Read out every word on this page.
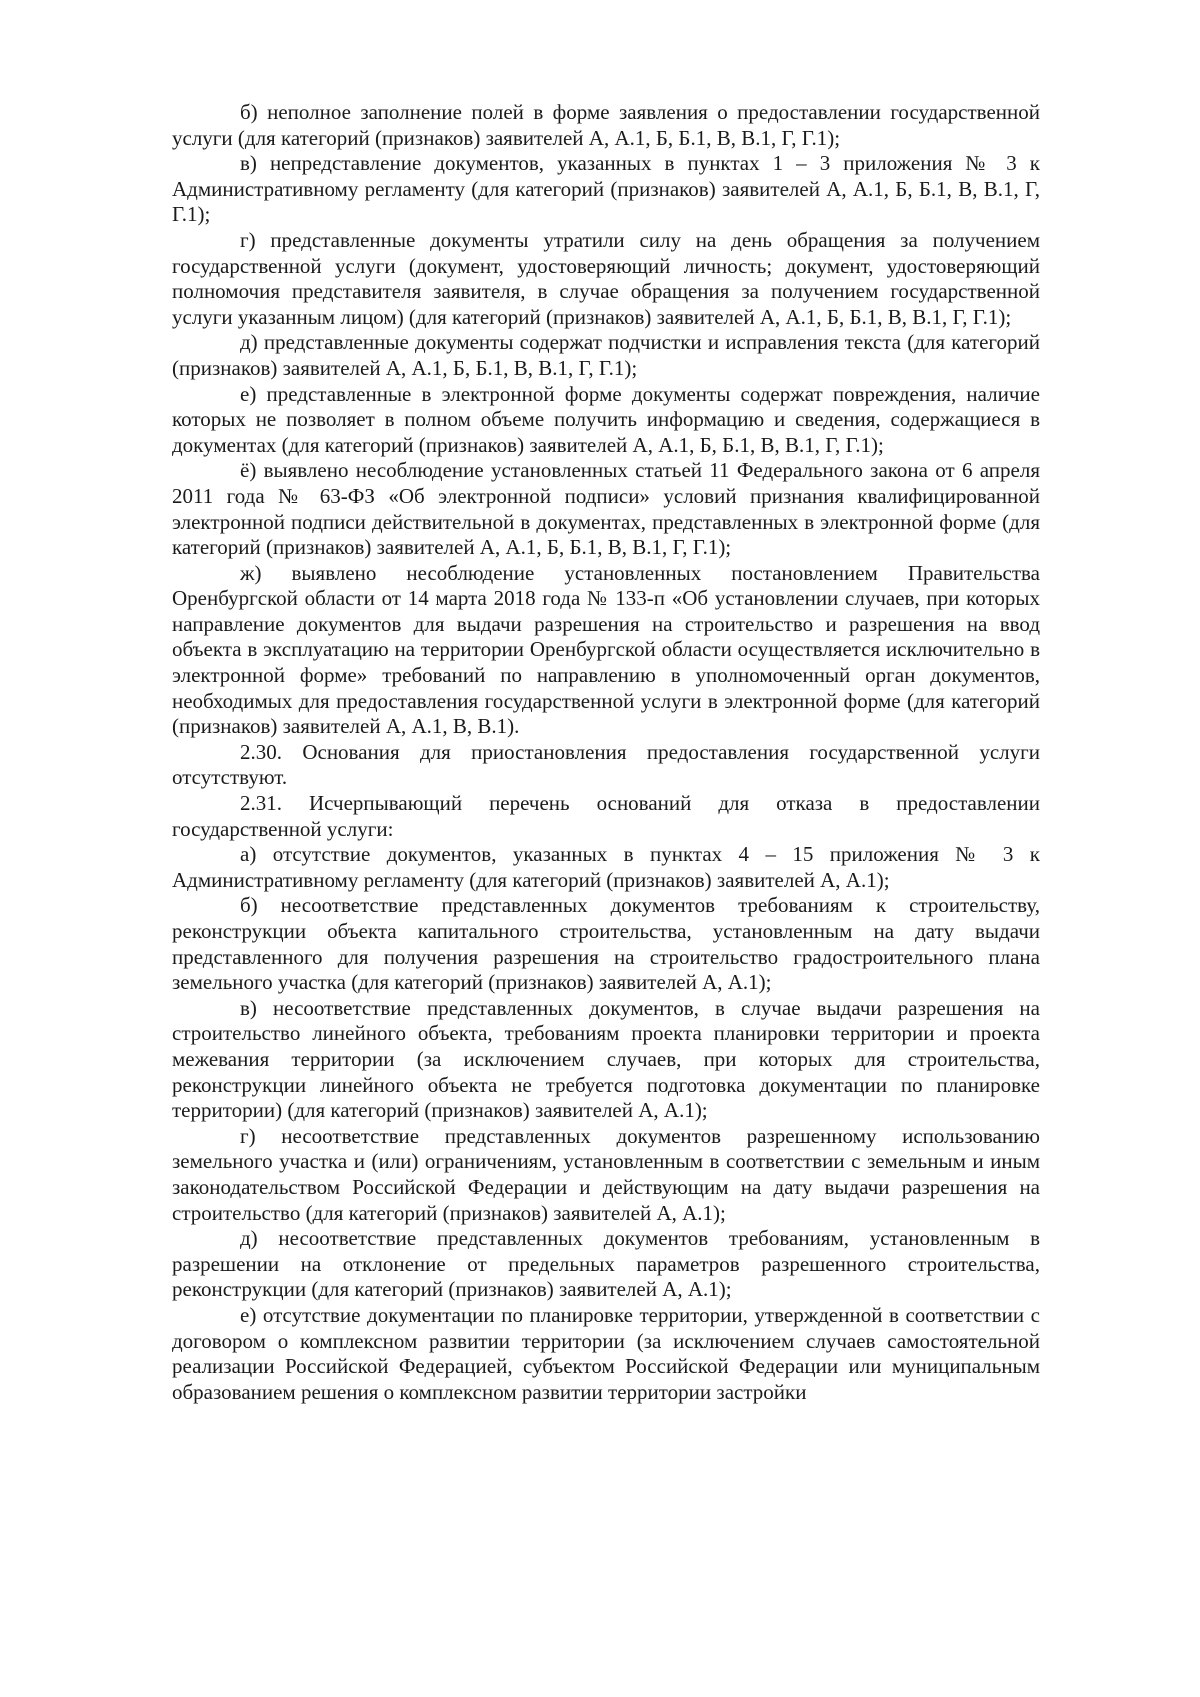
б) неполное заполнение полей в форме заявления о предоставлении государственной услуги (для категорий (признаков) заявителей А, А.1, Б, Б.1, В, В.1, Г, Г.1);

в) непредставление документов, указанных в пунктах 1 – 3 приложения № 3 к Административному регламенту (для категорий (признаков) заявителей А, А.1, Б, Б.1, В, В.1, Г, Г.1);

г) представленные документы утратили силу на день обращения за получением государственной услуги (документ, удостоверяющий личность; документ, удостоверяющий полномочия представителя заявителя, в случае обращения за получением государственной услуги указанным лицом) (для категорий (признаков) заявителей А, А.1, Б, Б.1, В, В.1, Г, Г.1);

д) представленные документы содержат подчистки и исправления текста (для категорий (признаков) заявителей А, А.1, Б, Б.1, В, В.1, Г, Г.1);

е) представленные в электронной форме документы содержат повреждения, наличие которых не позволяет в полном объеме получить информацию и сведения, содержащиеся в документах (для категорий (признаков) заявителей А, А.1, Б, Б.1, В, В.1, Г, Г.1);

ё) выявлено несоблюдение установленных статьей 11 Федерального закона от 6 апреля 2011 года № 63-ФЗ «Об электронной подписи» условий признания квалифицированной электронной подписи действительной в документах, представленных в электронной форме (для категорий (признаков) заявителей А, А.1, Б, Б.1, В, В.1, Г, Г.1);

ж) выявлено несоблюдение установленных постановлением Правительства Оренбургской области от 14 марта 2018 года № 133-п «Об установлении случаев, при которых направление документов для выдачи разрешения на строительство и разрешения на ввод объекта в эксплуатацию на территории Оренбургской области осуществляется исключительно в электронной форме» требований по направлению в уполномоченный орган документов, необходимых для предоставления государственной услуги в электронной форме (для категорий (признаков) заявителей А, А.1, В, В.1).

2.30. Основания для приостановления предоставления государственной услуги отсутствуют.

2.31. Исчерпывающий перечень оснований для отказа в предоставлении государственной услуги:

а) отсутствие документов, указанных в пунктах 4 – 15 приложения № 3 к Административному регламенту (для категорий (признаков) заявителей А, А.1);

б) несоответствие представленных документов требованиям к строительству, реконструкции объекта капитального строительства, установленным на дату выдачи представленного для получения разрешения на строительство градостроительного плана земельного участка (для категорий (признаков) заявителей А, А.1);

в) несоответствие представленных документов, в случае выдачи разрешения на строительство линейного объекта, требованиям проекта планировки территории и проекта межевания территории (за исключением случаев, при которых для строительства, реконструкции линейного объекта не требуется подготовка документации по планировке территории) (для категорий (признаков) заявителей А, А.1);

г) несоответствие представленных документов разрешенному использованию земельного участка и (или) ограничениям, установленным в соответствии с земельным и иным законодательством Российской Федерации и действующим на дату выдачи разрешения на строительство (для категорий (признаков) заявителей А, А.1);

д) несоответствие представленных документов требованиям, установленным в разрешении на отклонение от предельных параметров разрешенного строительства, реконструкции (для категорий (признаков) заявителей А, А.1);

е) отсутствие документации по планировке территории, утвержденной в соответствии с договором о комплексном развитии территории (за исключением случаев самостоятельной реализации Российской Федерацией, субъектом Российской Федерации или муниципальным образованием решения о комплексном развитии территории застройки
